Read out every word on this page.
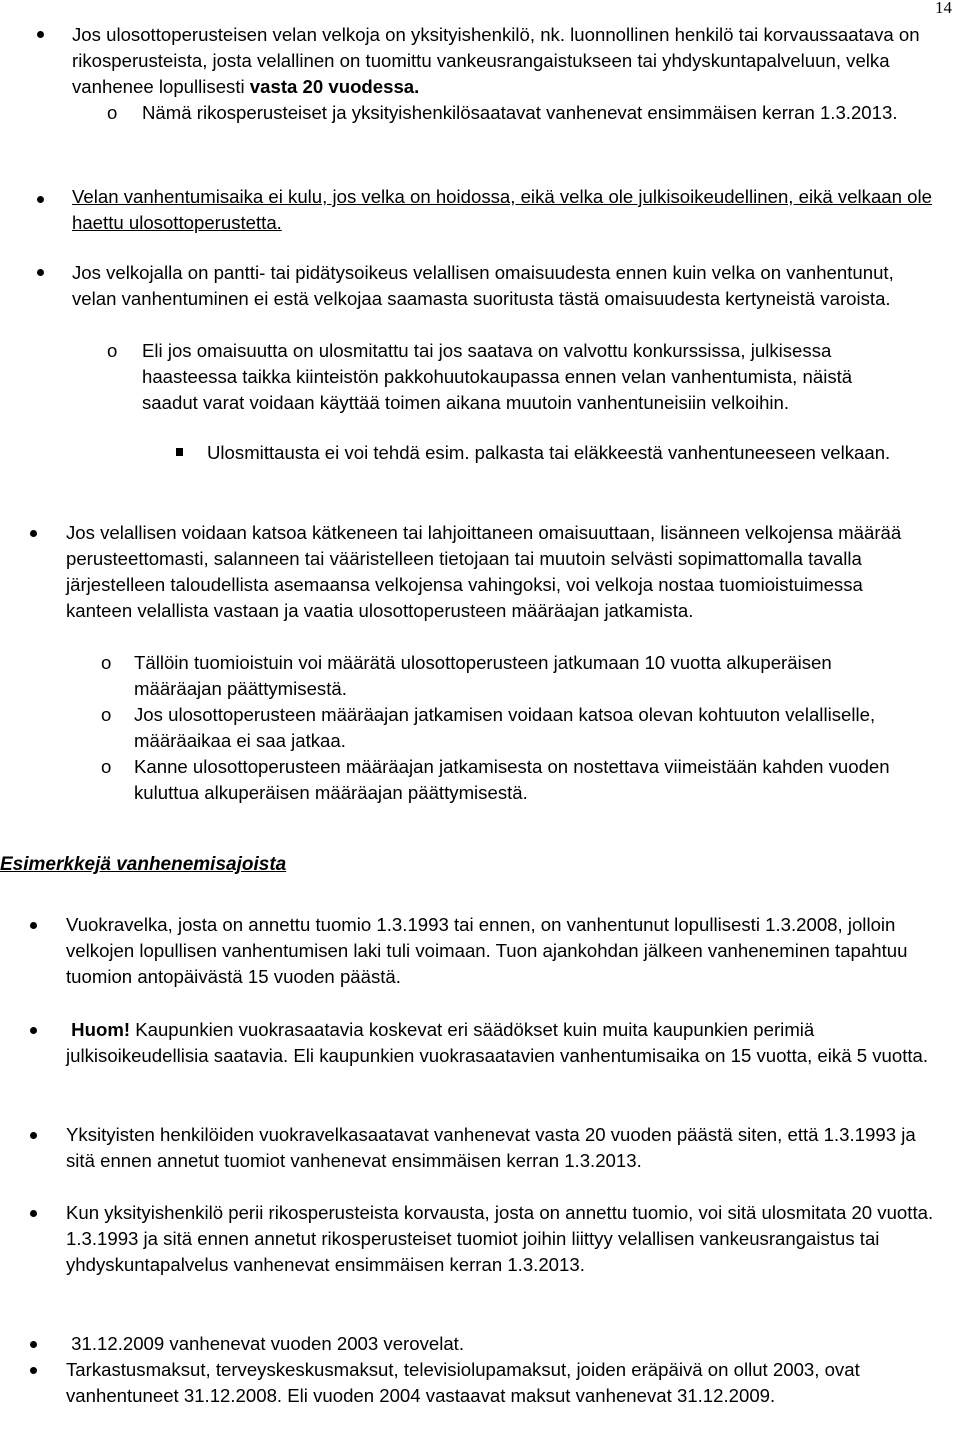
14
Jos ulosottoperusteisen velan velkoja on yksityishenkilö, nk. luonnollinen henkilö tai korvaussaatava on rikosperusteista, josta velallinen on tuomittu vankeusrangaistukseen tai yhdyskuntapalveluun, velka vanhenee lopullisesti vasta 20 vuodessa.
o Nämä rikosperusteiset ja yksityishenkilösaatavat vanhenevat ensimmäisen kerran 1.3.2013.
Velan vanhentumisaika ei kulu, jos velka on hoidossa, eikä velka ole julkisoikeudellinen, eikä velkaan ole haettu ulosottoperustetta.
Jos velkojalla on pantti- tai pidätysoikeus velallisen omaisuudesta ennen kuin velka on vanhentunut, velan vanhentuminen ei estä velkojaa saamasta suoritusta tästä omaisuudesta kertyneistä varoista.
o Eli jos omaisuutta on ulosmitattu tai jos saatava on valvottu konkurssissa, julkisessa haasteessa taikka kiinteistön pakkohuutokaupassa ennen velan vanhentumista, näistä saadut varat voidaan käyttää toimen aikana muutoin vanhentuneisiin velkoihin.
Ulosmittausta ei voi tehdä esim. palkasta tai eläkkeestä vanhentuneeseen velkaan.
Jos velallisen voidaan katsoa kätkeneen tai lahjoittaneen omaisuuttaan, lisänneen velkojensa määrää perusteettomasti, salanneen tai vääristelleen tietojaan tai muutoin selvästi sopimattomalla tavalla järjestelleen taloudellista asemaansa velkojensa vahingoksi, voi velkoja nostaa tuomioistuimessa kanteen velallista vastaan ja vaatia ulosottoperusteen määräajan jatkamista.
o Tällöin tuomioistuin voi määrätä ulosottoperusteen jatkumaan 10 vuotta alkuperäisen määräajan päättymisestä.
o Jos ulosottoperusteen määräajan jatkamisen voidaan katsoa olevan kohtuuton velalliselle, määräaikaa ei saa jatkaa.
o Kanne ulosottoperusteen määräajan jatkamisesta on nostettava viimeistään kahden vuoden kuluttua alkuperäisen määräajan päättymisestä.
Esimerkkejä vanhenemisajoista
Vuokravelka, josta on annettu tuomio 1.3.1993 tai ennen, on vanhentunut lopullisesti 1.3.2008, jolloin velkojen lopullisen vanhentumisen laki tuli voimaan. Tuon ajankohdan jälkeen vanheneminen tapahtuu tuomion antopäivästä 15 vuoden päästä.
Huom! Kaupunkien vuokrasaatavia koskevat eri säädökset kuin muita kaupunkien perimiä julkisoikeudellisia saatavia. Eli kaupunkien vuokrasaatavien vanhentumisaika on 15 vuotta, eikä 5 vuotta.
Yksityisten henkilöiden vuokravelkasaatavat vanhenevat vasta 20 vuoden päästä siten, että 1.3.1993 ja sitä ennen annetut tuomiot vanhenevat ensimmäisen kerran 1.3.2013.
Kun yksityishenkilö perii rikosperusteista korvausta, josta on annettu tuomio, voi sitä ulosmitata 20 vuotta. 1.3.1993 ja sitä ennen annetut rikosperusteiset tuomiot joihin liittyy velallisen vankeusrangaistus tai yhdyskuntapalvelus vanhenevat ensimmäisen kerran 1.3.2013.
31.12.2009 vanhenevat vuoden 2003 verovelat.
Tarkastusmaksut, terveyskeskusmaksut, televisiolupamaksut, joiden eräpäivä on ollut 2003, ovat vanhentuneet 31.12.2008. Eli vuoden 2004 vastaavat maksut vanhenevat 31.12.2009.
